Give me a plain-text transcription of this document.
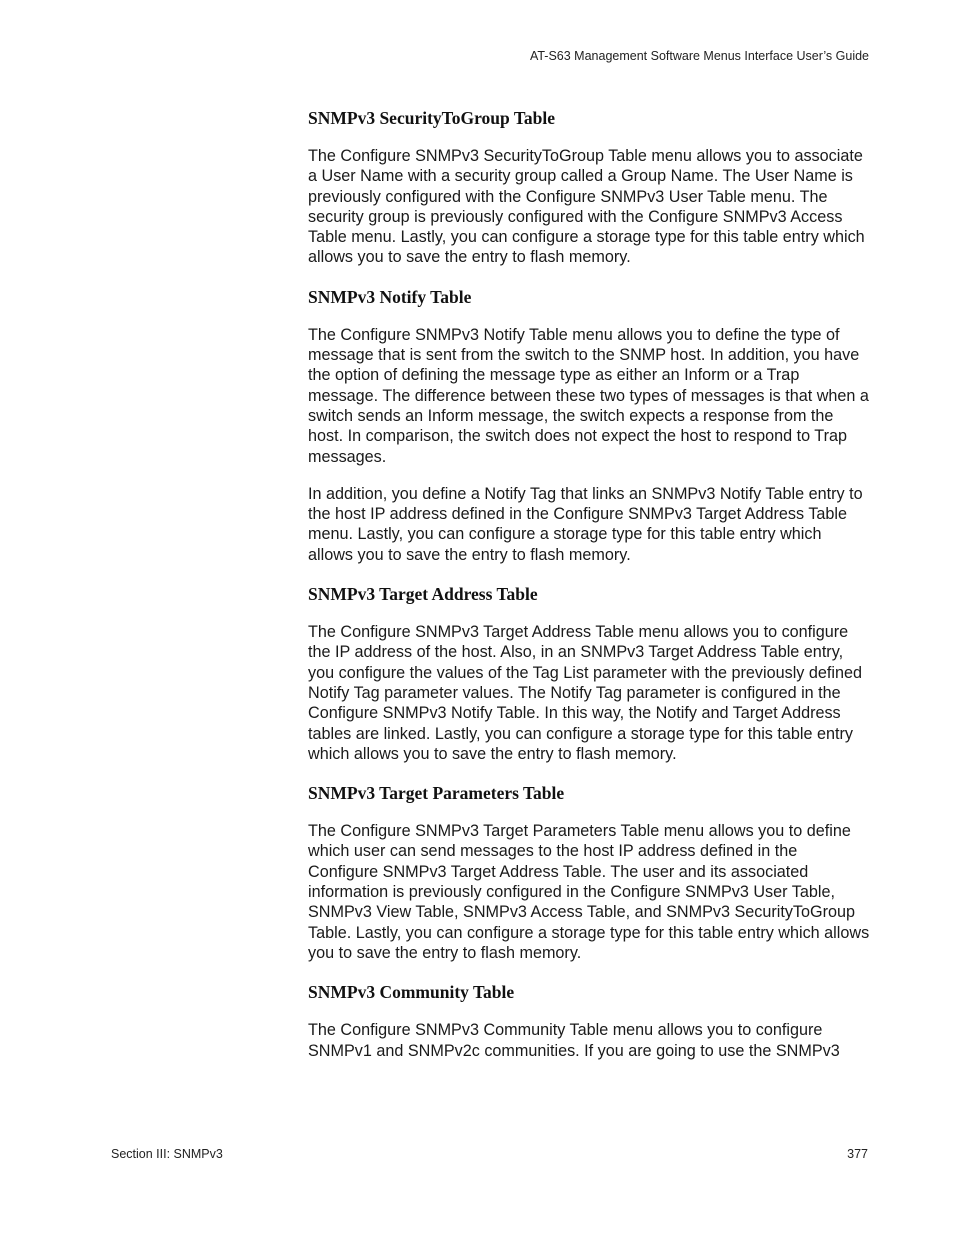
AT-S63 Management Software Menus Interface User’s Guide
SNMPv3 SecurityToGroup Table

The Configure SNMPv3 SecurityToGroup Table menu allows you to associate a User Name with a security group called a Group Name. The User Name is previously configured with the Configure SNMPv3 User Table menu. The security group is previously configured with the Configure SNMPv3 Access Table menu. Lastly, you can configure a storage type for this table entry which allows you to save the entry to flash memory.

SNMPv3 Notify Table

The Configure SNMPv3 Notify Table menu allows you to define the type of message that is sent from the switch to the SNMP host. In addition, you have the option of defining the message type as either an Inform or a Trap message. The difference between these two types of messages is that when a switch sends an Inform message, the switch expects a response from the host. In comparison, the switch does not expect the host to respond to Trap messages.

In addition, you define a Notify Tag that links an SNMPv3 Notify Table entry to the host IP address defined in the Configure SNMPv3 Target Address Table menu. Lastly, you can configure a storage type for this table entry which allows you to save the entry to flash memory.

SNMPv3 Target Address Table

The Configure SNMPv3 Target Address Table menu allows you to configure the IP address of the host. Also, in an SNMPv3 Target Address Table entry, you configure the values of the Tag List parameter with the previously defined Notify Tag parameter values. The Notify Tag parameter is configured in the Configure SNMPv3 Notify Table. In this way, the Notify and Target Address tables are linked. Lastly, you can configure a storage type for this table entry which allows you to save the entry to flash memory.

SNMPv3 Target Parameters Table

The Configure SNMPv3 Target Parameters Table menu allows you to define which user can send messages to the host IP address defined in the Configure SNMPv3 Target Address Table. The user and its associated information is previously configured in the Configure SNMPv3 User Table, SNMPv3 View Table, SNMPv3 Access Table, and SNMPv3 SecurityToGroup Table. Lastly, you can configure a storage type for this table entry which allows you to save the entry to flash memory.

SNMPv3 Community Table

The Configure SNMPv3 Community Table menu allows you to configure SNMPv1 and SNMPv2c communities. If you are going to use the SNMPv3

Section III: SNMPv3	377
